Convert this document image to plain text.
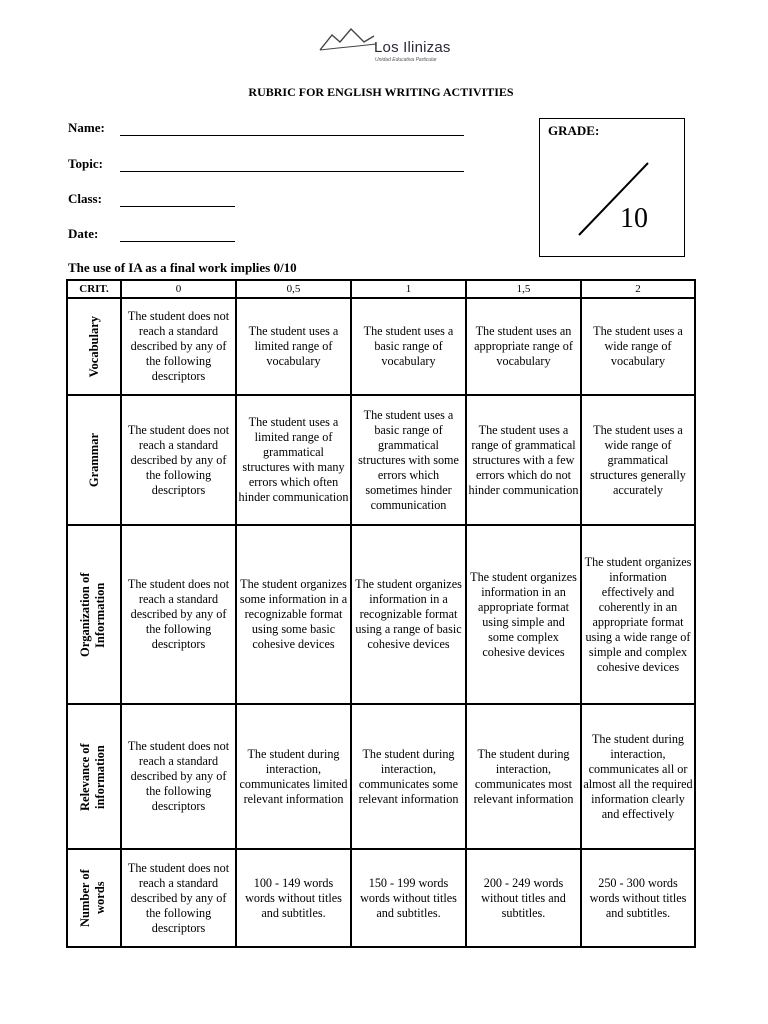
Los Ilinizas
Unidad Educativa Particular
RUBRIC FOR ENGLISH WRITING ACTIVITIES
Name:
Topic:
Class:
Date:
GRADE:
10
The use of IA as a final work implies 0/10
CRIT.	0	0,5	1	1,5	2

Vocabulary	The student does not reach a standard described by any of the following descriptors	The student uses a limited range of vocabulary	The student uses a basic range of vocabulary	The student uses an appropriate range of vocabulary	The student uses a wide range of vocabulary

Grammar	The student does not reach a standard described by any of the following descriptors	The student uses a limited range of grammatical structures with many errors which often hinder communication	The student uses a basic range of grammatical structures with some errors which sometimes hinder communication	The student uses a range of grammatical structures with a few errors which do not hinder communication	The student uses a wide range of grammatical structures generally accurately

Organization of Information	The student does not reach a standard described by any of the following descriptors	The student organizes some information in a recognizable format using some basic cohesive devices	The student organizes information in a recognizable format using a range of basic cohesive devices	The student organizes information in an appropriate format using simple and some complex cohesive devices	The student organizes information effectively and coherently in an appropriate format using a wide range of simple and complex cohesive devices

Relevance of information	The student does not reach a standard described by any of the following descriptors	The student during interaction, communicates limited relevant information	The student during interaction, communicates some relevant information	The student during interaction, communicates most relevant information	The student during interaction, communicates all or almost all the required information clearly and effectively

Number of words	The student does not reach a standard described by any of the following descriptors	100 - 149 words words without titles and subtitles.	150 - 199 words words without titles and subtitles.	200 - 249 words without titles and subtitles.	250 - 300 words words without titles and subtitles.
